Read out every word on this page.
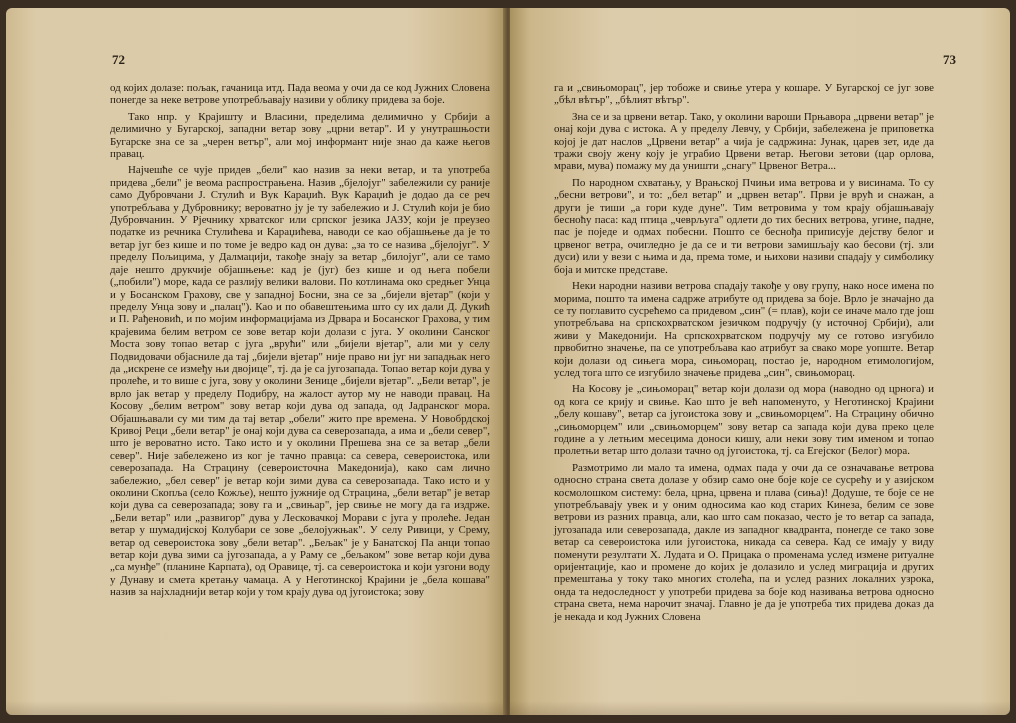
72

од којих долазе: пољак, гачаница итд. Пада веома у очи да се код Јужних Словена понегде за неке ветрове употребљавају називи у облику придева за боје.

Тако нпр. у Крајишту и Власини, пределима делимично у Србији а делимично у Бугарској, западни ветар зову „црни ветар". И у унутрашњости Бугарске зна се за „черен ветър", али мој информант није знао да каже његов правац.

Најчешће се чује придев „бели" као назив за неки ветар, и та употреба придева „бели" је веома распрострањена. Назив „бјелојуг" забележили су раније само Дубровчани Ј. Стулић и Вук Караџић. Вук Караџић је додао да се реч употребљава у Дубровнику; вероватно ју је ту забележио и Ј. Стулић који је био Дубровчанин. У Рјечнику хрватског или српског језика ЈАЗУ, који је преузео податке из речника Стулићева и Караџићева, наводи се као објашњење да је то ветар југ без кише и по томе је ведро кад он дува: „за то се назива „бјелојуг". У пределу Пољицима, у Далмацији, такође знају за ветар „билојуг", али се тамо даје нешто друкчије објашњење: кад је (југ) без кише и од њега побели („побили") море, када се разлију велики валови. По котлинама око средњег Унца и у Босанском Грахову, све у западној Босни, зна се за „бијели вјетар" (који у пределу Унца зову и „палац"). Као и по обавештењима што су их дали Д. Дукић и П. Рађеновић, и по мојим информацијама из Дрвара и Босанског Грахова, у тим крајевима белим ветром се зове ветар који долази с југа. У околини Санског Моста зову топао ветар с југа „врући" или „бијели вјетар", али ми у селу Подвидовачи објасниле да тај „бијели вјетар" није право ни југ ни западњак него да „искрене се између њи двојице", тј. да је са југозапада. Топао ветар који дува у пролеће, и то више с југа, зову у околини Зенице „бијели вјетар". „Бели ветар", је врло јак ветар у пределу Подибру, на жалост аутор му не наводи правац. На Косову „белим ветром" зову ветар који дува од запада, од Јадранског мора. Објашњавали су ми тим да тај ветар „обели" жито пре времена. У Новобрдској Кривој Реци „бели ветар" је онај који дува са северозапада, а има и „бели север", што је вероватно исто. Тако исто и у околини Прешева зна се за ветар „бели север". Није забележено из ког је тачно правца: са севера, североистока, или северозапада. На Страцину (североисточна Македонија), како сам лично забележио, „бел север" је ветар који зими дува са северозапада. Тако исто и у околини Скопља (село Кожље), нешто јужније од Страцина, „бели ветар" је ветар који дува са северозапада; зову га и „свињар", јер свиње не могу да га издрже. „Бели ветар" или „развигор" дува у Лесковачкој Морави с југа у пролеће. Један ветар у шумадијској Колубари се зове „белојужњак". У селу Ривици, у Срему, ветар од североистока зову „бели ветар". „Бељак" је у Банатској Па анци топао ветар који дува зими са југозапада, а у Раму се „бељаком" зове ветар који дува „са мунђе" (планине Карпата), од Оравице, тј. са североистока и који узгони воду у Дунаву и смета кретању чамаца. А у Неготинској Крајини је „бела кошава" назив за најхладнији ветар који у том крају дува од југоистока; зову

73

га и „свињоморац", јер тобоже и свиње утера у кошаре. У Бугарској се југ зове „бѣл вѣтър", „бѣлият вѣтър".

Зна се и за црвени ветар. Тако, у околини вароши Прњавора „црвени ветар" је онај који дува с истока. А у пределу Левчу, у Србији, забележена је приповетка којој је дат наслов „Црвени ветар" а чија је садржина: Јунак, царев зет, иде да тражи своју жену коју је уграбио Црвени ветар. Његови зетови (цар орлова, мрави, мува) помажу му да уништи „снагу" Црвеног Ветра...

По народном схватању, у Врањској Пчињи има ветрова и у висинама. То су „бесни ветрови", и то: „бел ветар" и „црвен ветар". Први је врућ и снажан, а други је тиши „а гори куде дуне". Тим ветровима у том крају објашњавају бесноћу паса: кад птица „чеврљуга" одлети до тих бесних ветрова, угине, падне, пас је поједе и одмах побесни. Пошто се беснођа приписује дејству белог и црвеног ветра, очигледно је да се и ти ветрови замишљају као бесови (тј. зли дуси) или у вези с њима и да, према томе, и њихови називи спадају у симболику боја и митске представе.

Неки народни називи ветрова спадају такође у ову групу, нако носе имена по морима, пошто та имена садрже атрибуте од придева за боје. Врло је значајно да се ту поглавито сусрећемо са придевом „син" (= плав), који се иначе мало где још употребљава на српскохрватском језичком подручју (у источној Србији), али живи у Македонији. На српскохрватском подручју му се готово изгубило првобитно значење, па се употребљава као атрибут за свако море уопште. Ветар који долази од сињега мора, сињоморац, постао је, народном етимологијом, услед тога што се изгубило значење придева „син", свињоморац.

На Косову је „сињоморац" ветар који долази од мора (наводно од црнога) и од кога се крију и свиње. Као што је већ напоменуто, у Неготинској Крајини „белу кошаву", ветар са југоистока зову и „свињоморцем". На Страцину обично „сињоморцем" или „свињоморцем" зову ветар са запада који дува преко целе године а у летњим месецима доноси кишу, али неки зову тим именом и топао пролетњи ветар што долази тачно од југоистока, тј. са Егејског (Белог) мора.

Размотримо ли мало та имена, одмах пада у очи да се означавање ветрова односно страна света долазе у обзир само оне боје које се сусрећу и у азијском космолошком систему: бела, црна, црвена и плава (сиња)! Додуше, те боје се не употребљавају увек и у оним односима као код старих Кинеза, белим се зове ветрови из разних правца, али, као што сам показао, често је то ветар са запада, југозапада или северозапада, дакле из западног квадранта, понегде се тако зове ветар са североистока или југоистока, никада са севера. Кад се имају у виду поменути резултати Х. Лудата и О. Прицака о променама услед измене ритуалне оријентације, као и промене до којих је долазило и услед миграција и других премештања у току тако многих столећа, па и услед разних локалних узрока, онда та недоследност у употреби придева за боје код називања ветрова односно страна света, нема нарочит значај. Главно је да је употреба тих придева доказ да је некада и код Јужних Словена
